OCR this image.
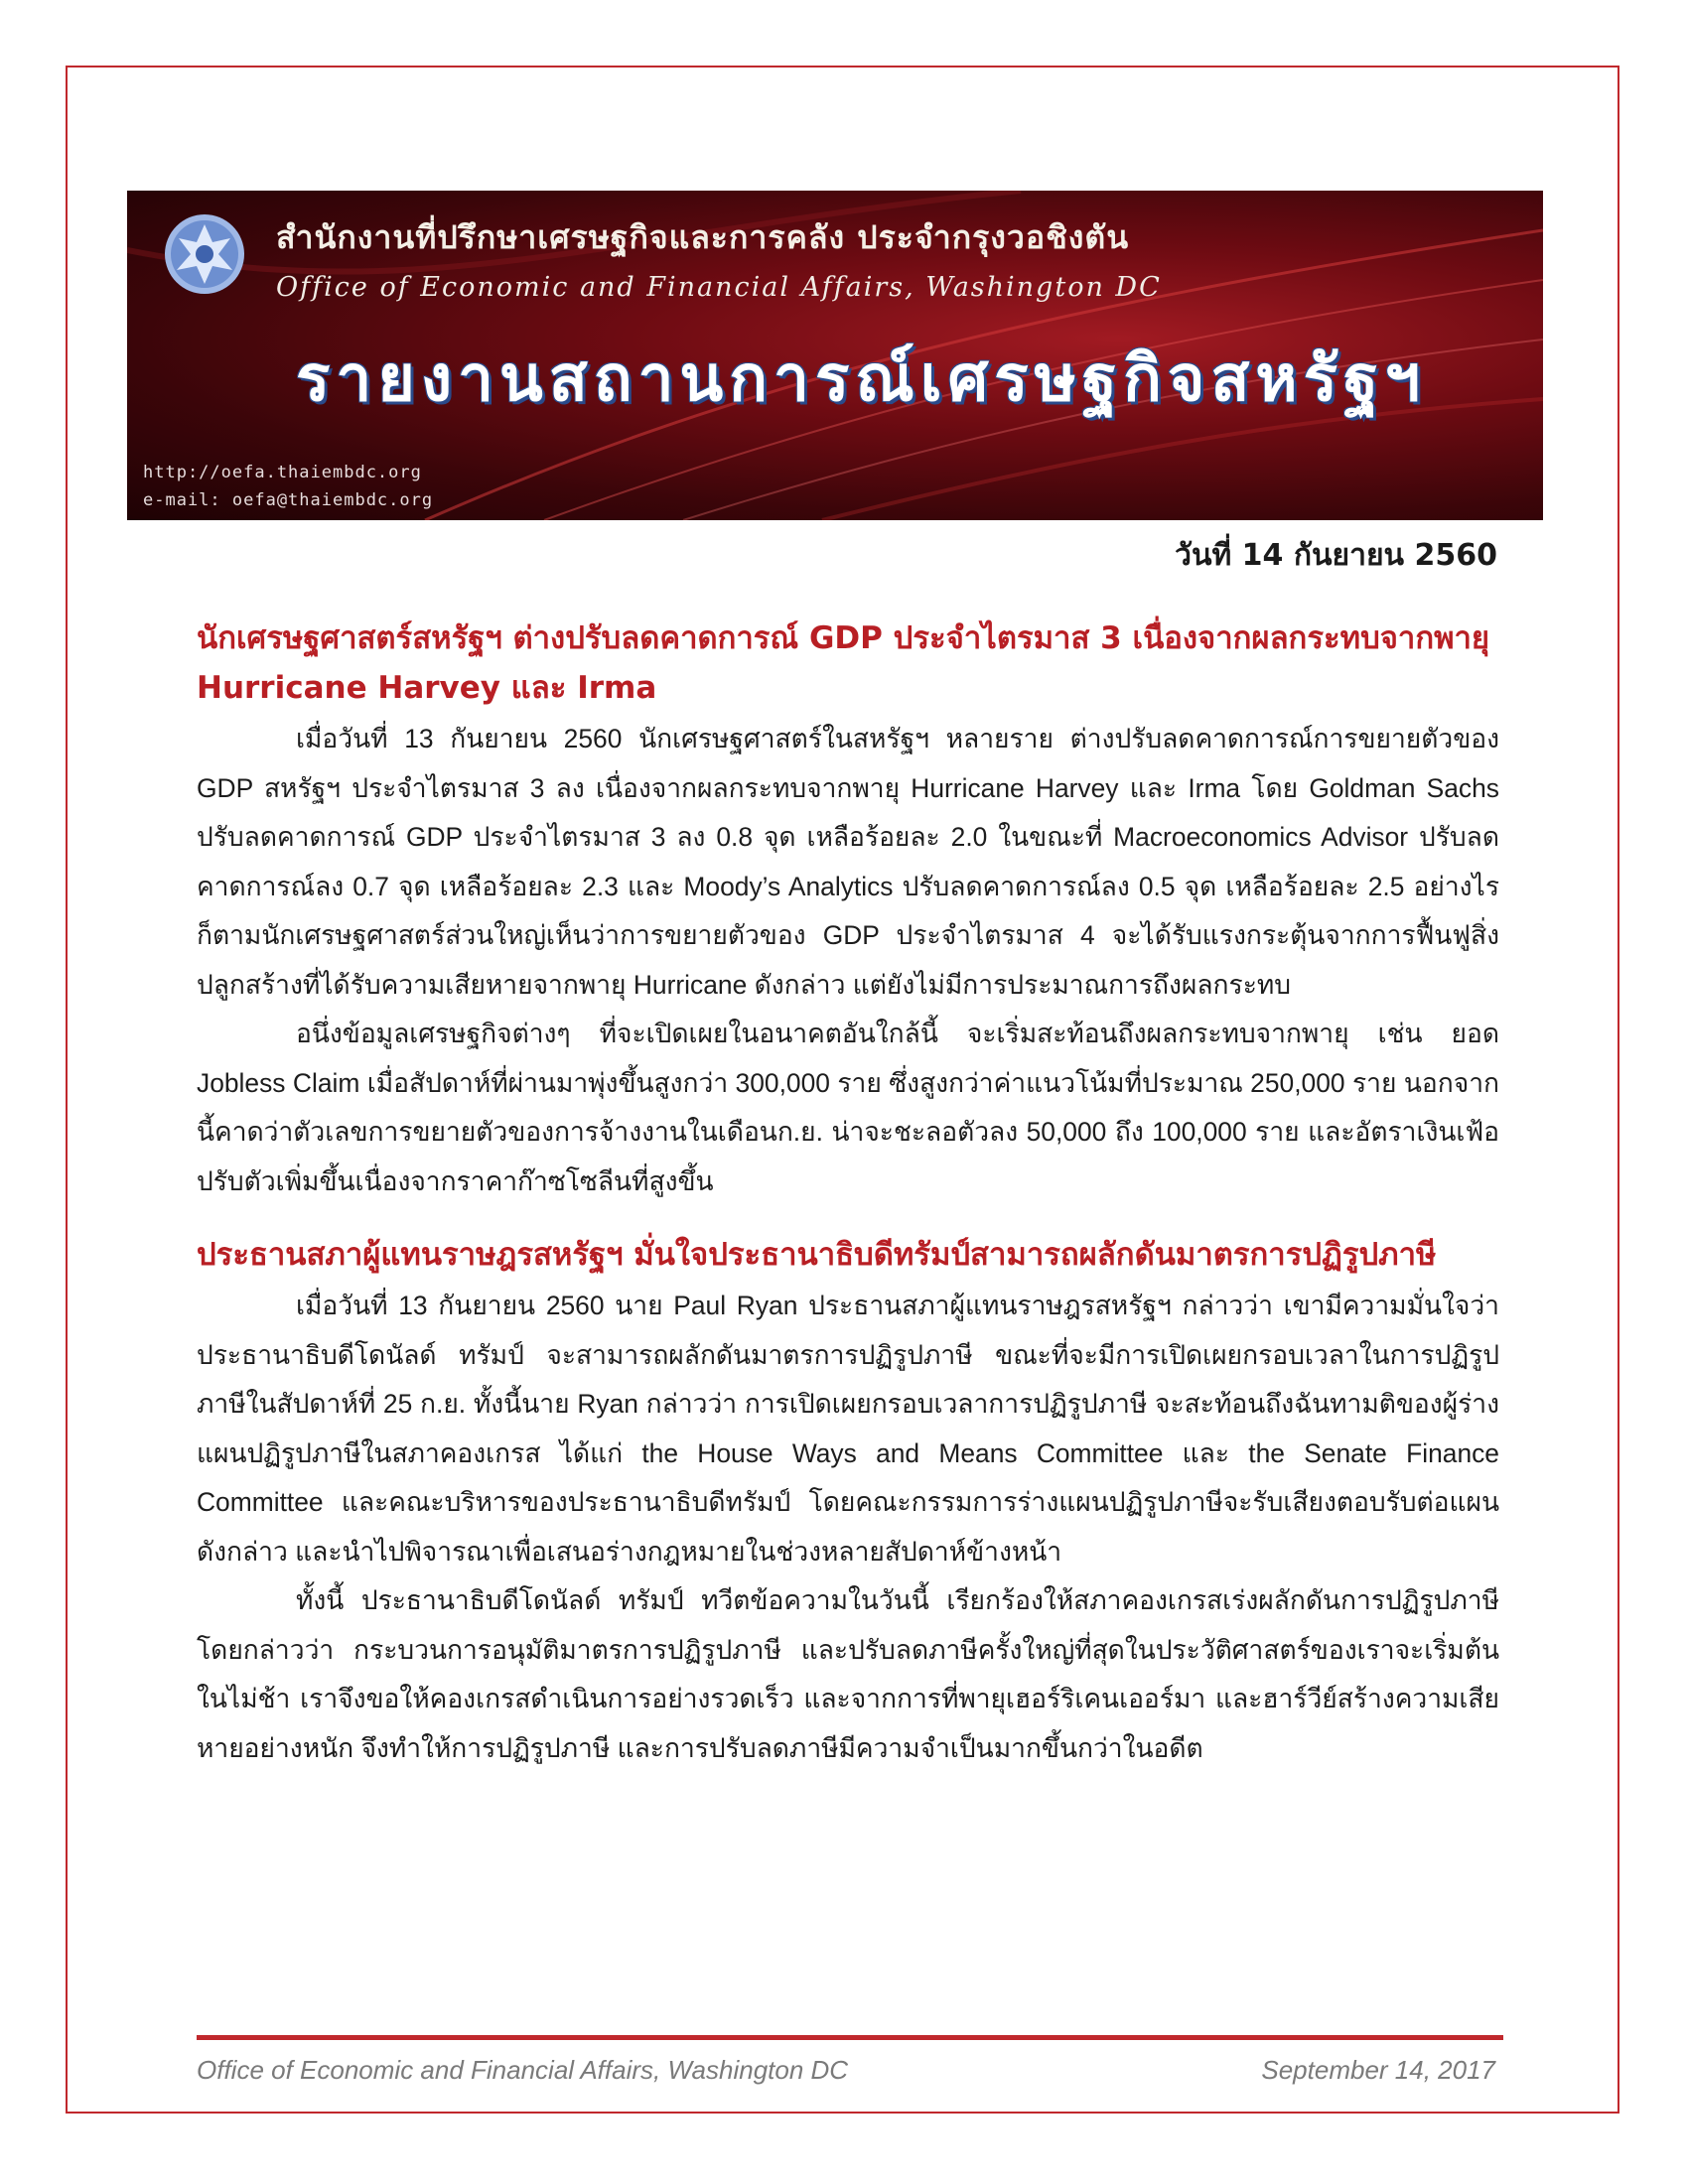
สำนักงานที่ปรึกษาเศรษฐกิจและการคลัง ประจำกรุงวอชิงตัน
Office of Economic and Financial Affairs, Washington DC
รายงานสถานการณ์เศรษฐกิจสหรัฐฯ
http://oefa.thaiembdc.org
e-mail: oefa@thaiembdc.org
วันที่ 14 กันยายน 2560
นักเศรษฐศาสตร์สหรัฐฯ ต่างปรับลดคาดการณ์ GDP ประจำไตรมาส 3 เนื่องจากผลกระทบจากพายุ Hurricane Harvey และ Irma

เมื่อวันที่ 13 กันยายน 2560 นักเศรษฐศาสตร์ในสหรัฐฯ หลายราย ต่างปรับลดคาดการณ์การขยายตัวของ GDP สหรัฐฯ ประจำไตรมาส 3 ลง เนื่องจากผลกระทบจากพายุ Hurricane Harvey และ Irma โดย Goldman Sachs ปรับลดคาดการณ์ GDP ประจำไตรมาส 3 ลง 0.8 จุด เหลือร้อยละ 2.0 ในขณะที่ Macroeconomics Advisor ปรับลดคาดการณ์ลง 0.7 จุด เหลือร้อยละ 2.3 และ Moody’s Analytics ปรับลดคาดการณ์ลง 0.5 จุด เหลือร้อยละ 2.5 อย่างไรก็ตามนักเศรษฐศาสตร์ส่วนใหญ่เห็นว่าการขยายตัวของ GDP ประจำไตรมาส 4 จะได้รับแรงกระตุ้นจากการฟื้นฟูสิ่งปลูกสร้างที่ได้รับความเสียหายจากพายุ Hurricane ดังกล่าว แต่ยังไม่มีการประมาณการถึงผลกระทบ

อนึ่งข้อมูลเศรษฐกิจต่างๆ ที่จะเปิดเผยในอนาคตอันใกล้นี้ จะเริ่มสะท้อนถึงผลกระทบจากพายุ เช่น ยอด Jobless Claim เมื่อสัปดาห์ที่ผ่านมาพุ่งขึ้นสูงกว่า 300,000 ราย ซึ่งสูงกว่าค่าแนวโน้มที่ประมาณ 250,000 ราย นอกจากนี้คาดว่าตัวเลขการขยายตัวของการจ้างงานในเดือนก.ย. น่าจะชะลอตัวลง 50,000 ถึง 100,000 ราย และอัตราเงินเฟ้อปรับตัวเพิ่มขึ้นเนื่องจากราคาก๊าซโซลีนที่สูงขึ้น

ประธานสภาผู้แทนราษฎรสหรัฐฯ มั่นใจประธานาธิบดีทรัมป์สามารถผลักดันมาตรการปฏิรูปภาษี

เมื่อวันที่ 13 กันยายน 2560 นาย Paul Ryan ประธานสภาผู้แทนราษฎรสหรัฐฯ กล่าวว่า เขามีความมั่นใจว่าประธานาธิบดีโดนัลด์ ทรัมป์ จะสามารถผลักดันมาตรการปฏิรูปภาษี ขณะที่จะมีการเปิดเผยกรอบเวลาในการปฏิรูปภาษีในสัปดาห์ที่ 25 ก.ย. ทั้งนี้นาย Ryan กล่าวว่า การเปิดเผยกรอบเวลาการปฏิรูปภาษี จะสะท้อนถึงฉันทามติของผู้ร่างแผนปฏิรูปภาษีในสภาคองเกรส ได้แก่ the House Ways and Means Committee และ the Senate Finance Committee และคณะบริหารของประธานาธิบดีทรัมป์ โดยคณะกรรมการร่างแผนปฏิรูปภาษีจะรับเสียงตอบรับต่อแผนดังกล่าว และนำไปพิจารณาเพื่อเสนอร่างกฎหมายในช่วงหลายสัปดาห์ข้างหน้า

ทั้งนี้ ประธานาธิบดีโดนัลด์ ทรัมป์ ทวีตข้อความในวันนี้ เรียกร้องให้สภาคองเกรสเร่งผลักดันการปฏิรูปภาษี โดยกล่าวว่า กระบวนการอนุมัติมาตรการปฏิรูปภาษี และปรับลดภาษีครั้งใหญ่ที่สุดในประวัติศาสตร์ของเราจะเริ่มต้นในไม่ช้า เราจึงขอให้คองเกรสดำเนินการอย่างรวดเร็ว และจากการที่พายุเฮอร์ริเคนเออร์มา และฮาร์วีย์สร้างความเสียหายอย่างหนัก จึงทำให้การปฏิรูปภาษี และการปรับลดภาษีมีความจำเป็นมากขึ้นกว่าในอดีต

Office of Economic and Financial Affairs, Washington DC	September 14, 2017
